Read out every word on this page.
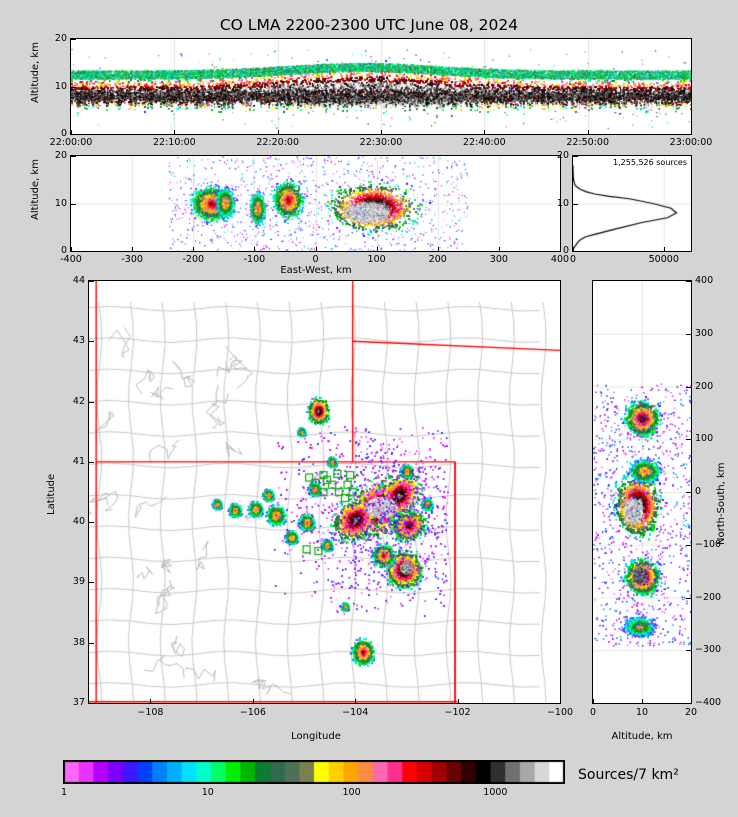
CO LMA 2200-2300 UTC June 08, 2024
1,255,526 sources
0
10
20
22:00:00	22:10:00	22:20:00	22:30:00	22:40:00	22:50:00	23:00:00
Altitude, km
0
10
20
-400	-300	-200	-100	0	100	200	300	400
Altitude, km
East-West, km
0
10
20
0	50000
37
38
39
40
41
42
43
44
−108	−106	−104	−102	−100
Latitude
Longitude
−400
−300
−200
−100
0
100
200
300
400
0	10	20
North-South, km
Altitude, km
1	10	100	1000
Sources/7 km²
